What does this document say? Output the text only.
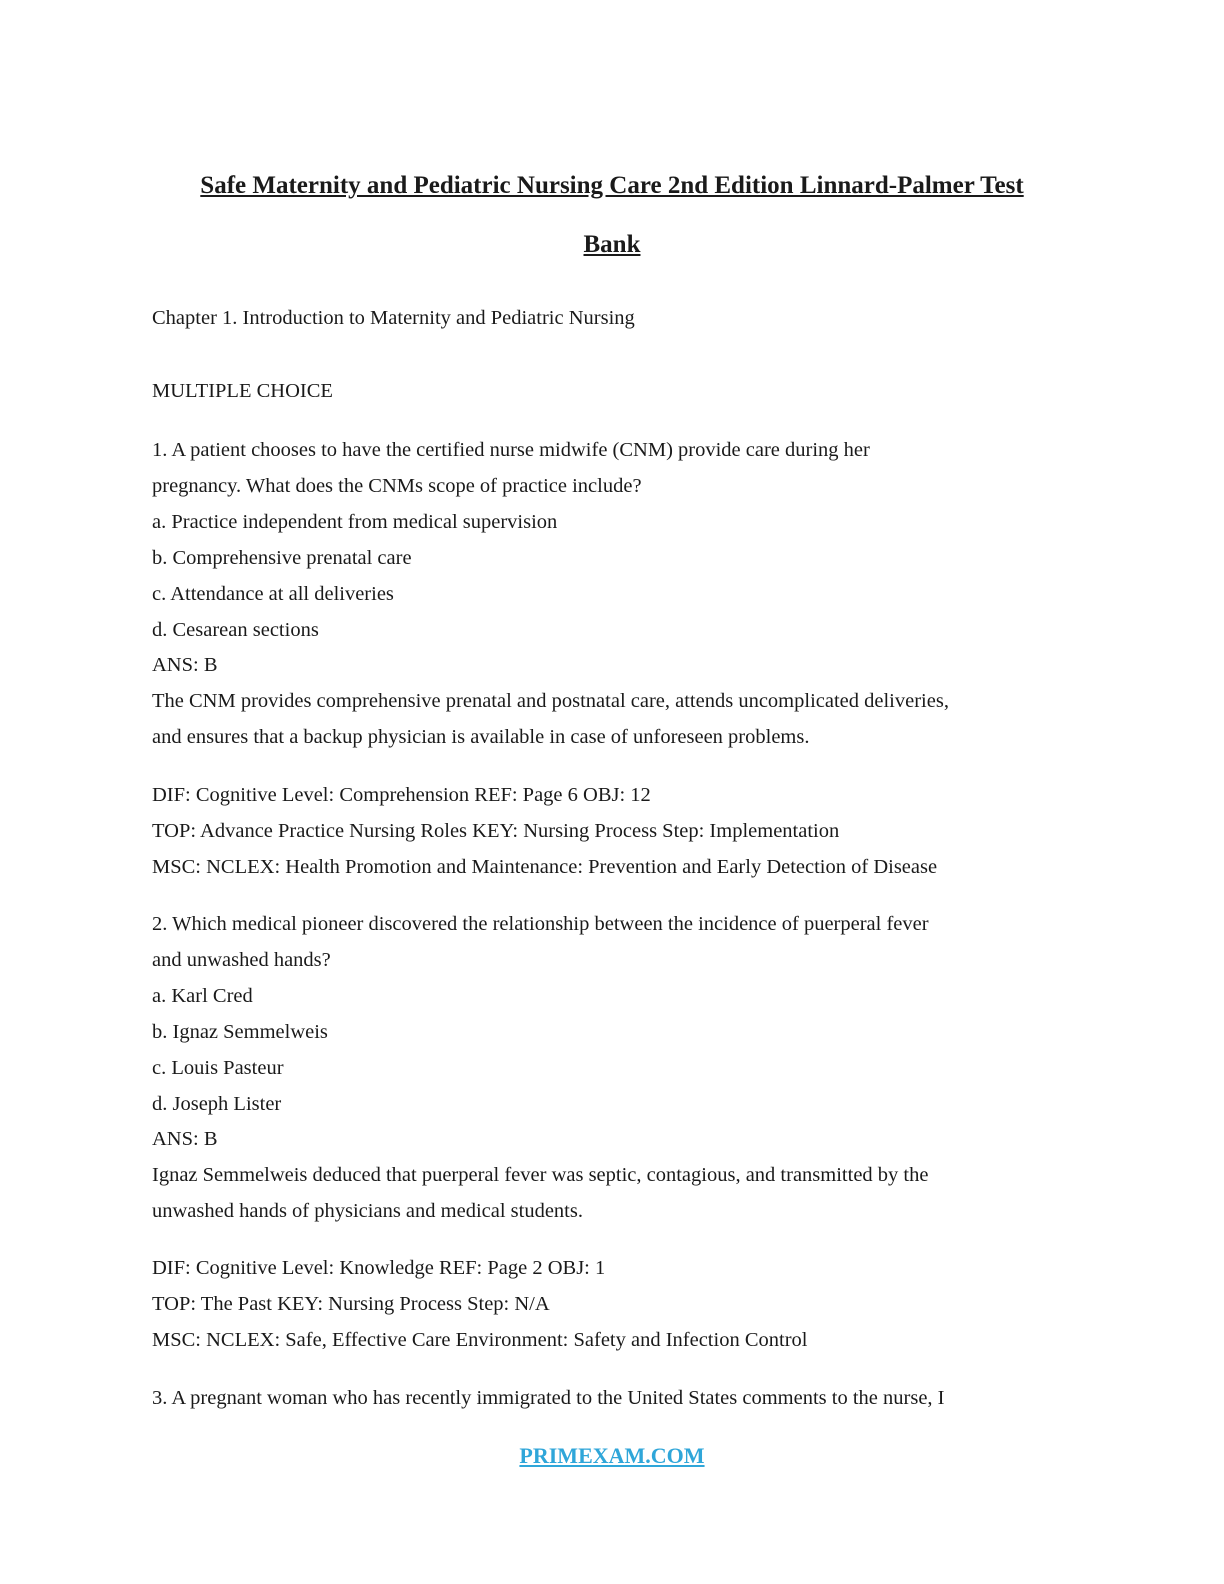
Safe Maternity and Pediatric Nursing Care 2nd Edition Linnard-Palmer Test
Bank
Chapter 1. Introduction to Maternity and Pediatric Nursing
MULTIPLE CHOICE
1. A patient chooses to have the certified nurse midwife (CNM) provide care during her
pregnancy. What does the CNMs scope of practice include?
a. Practice independent from medical supervision
b. Comprehensive prenatal care
c. Attendance at all deliveries
d. Cesarean sections
ANS: B
The CNM provides comprehensive prenatal and postnatal care, attends uncomplicated deliveries,
and ensures that a backup physician is available in case of unforeseen problems.
DIF: Cognitive Level: Comprehension REF: Page 6 OBJ: 12
TOP: Advance Practice Nursing Roles KEY: Nursing Process Step: Implementation
MSC: NCLEX: Health Promotion and Maintenance: Prevention and Early Detection of Disease
2. Which medical pioneer discovered the relationship between the incidence of puerperal fever
and unwashed hands?
a. Karl Cred
b. Ignaz Semmelweis
c. Louis Pasteur
d. Joseph Lister
ANS: B
Ignaz Semmelweis deduced that puerperal fever was septic, contagious, and transmitted by the
unwashed hands of physicians and medical students.
DIF: Cognitive Level: Knowledge REF: Page 2 OBJ: 1
TOP: The Past KEY: Nursing Process Step: N/A
MSC: NCLEX: Safe, Effective Care Environment: Safety and Infection Control
3. A pregnant woman who has recently immigrated to the United States comments to the nurse, I
PRIMEXAM.COM
